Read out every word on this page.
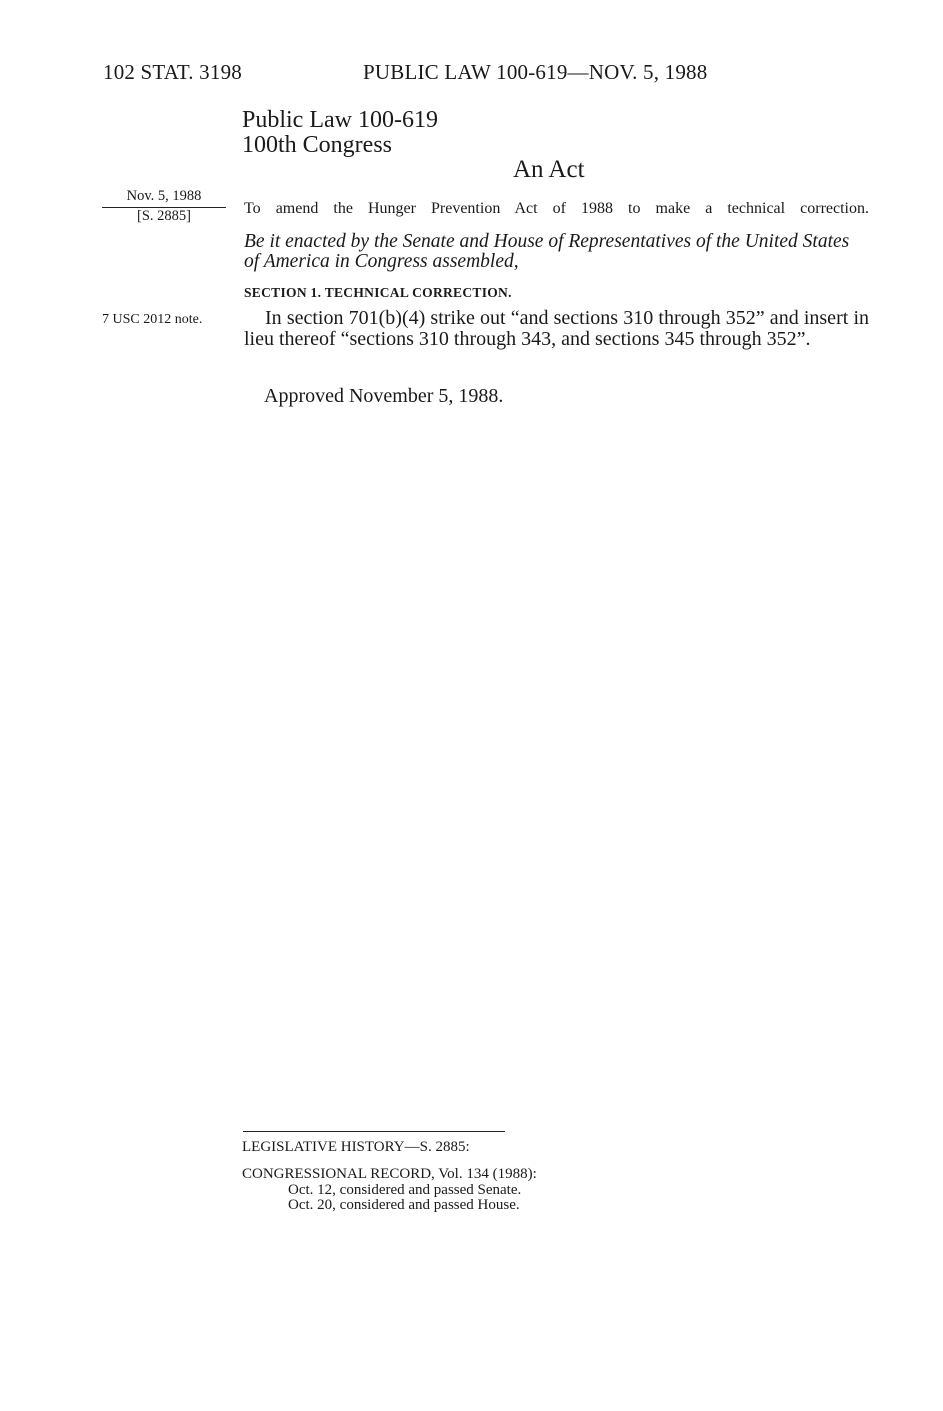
102 STAT. 3198	PUBLIC LAW 100-619—NOV. 5, 1988
Public Law 100-619
100th Congress
An Act
Nov. 5, 1988
[S. 2885]	To amend the Hunger Prevention Act of 1988 to make a technical correction.
Be it enacted by the Senate and House of Representatives of the United States of America in Congress assembled,
SECTION 1. TECHNICAL CORRECTION.
7 USC 2012 note.	In section 701(b)(4) strike out “and sections 310 through 352” and insert in lieu thereof “sections 310 through 343, and sections 345 through 352”.
Approved November 5, 1988.
LEGISLATIVE HISTORY—S. 2885:
CONGRESSIONAL RECORD, Vol. 134 (1988):
Oct. 12, considered and passed Senate.
Oct. 20, considered and passed House.
